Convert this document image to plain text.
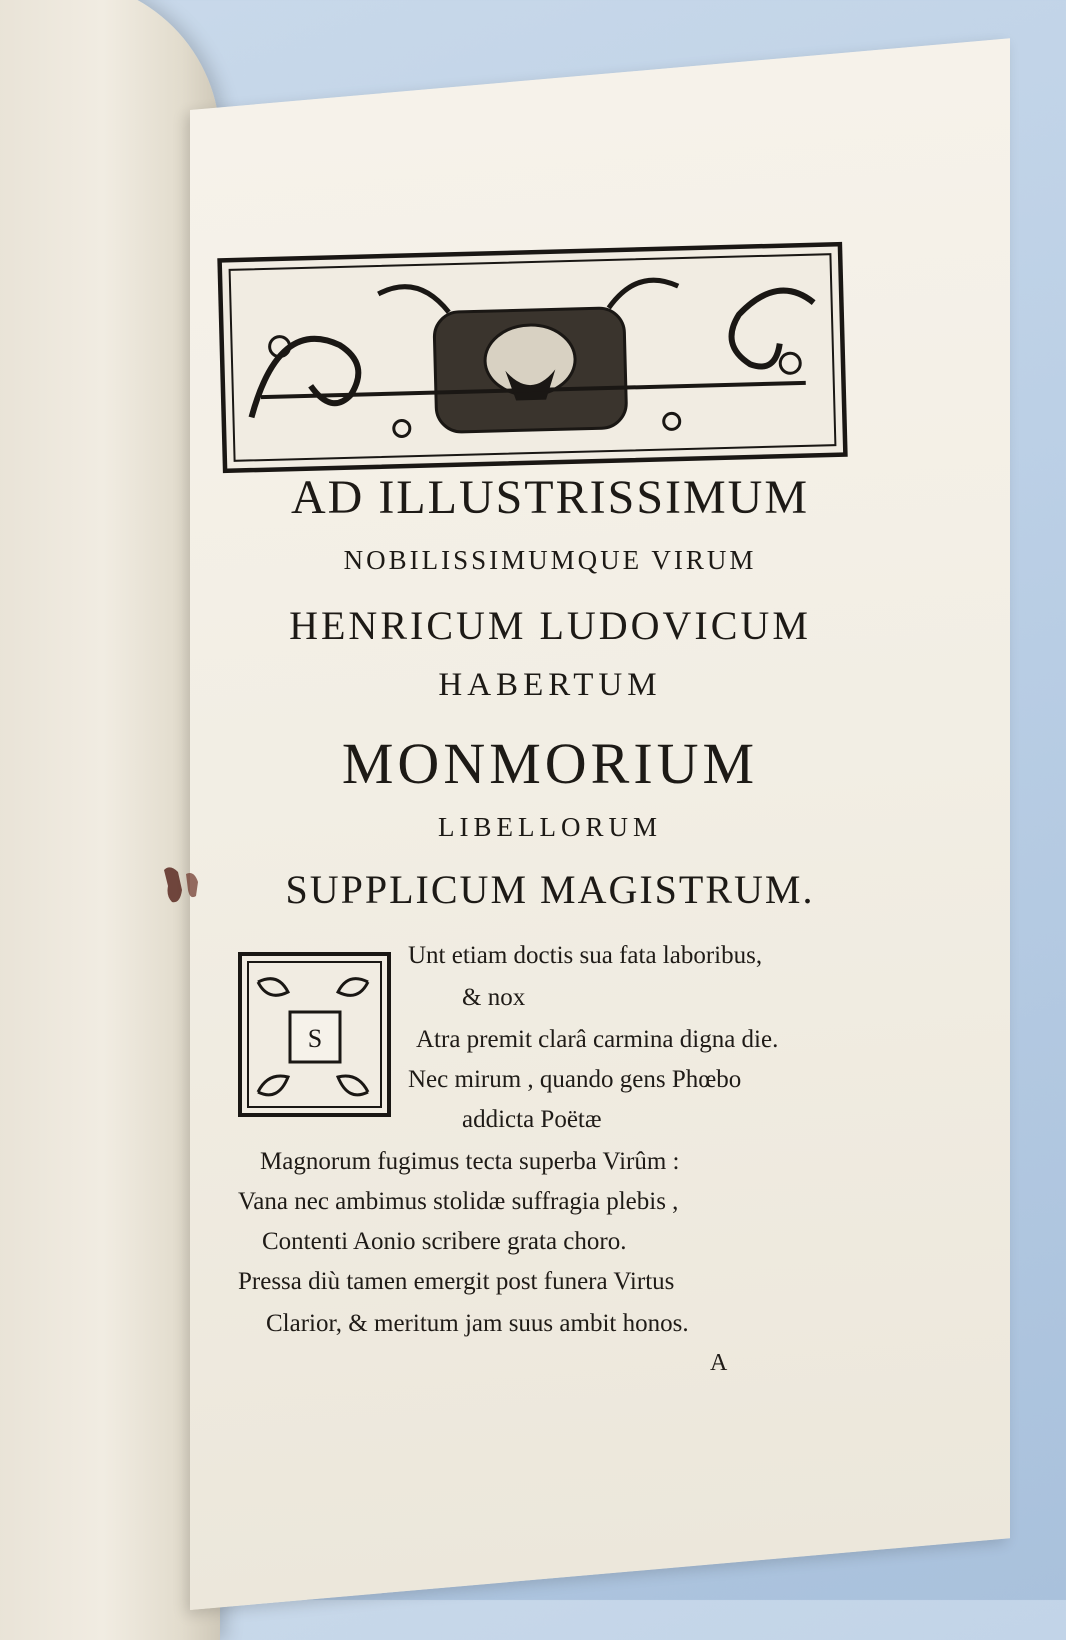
AD ILLUSTRISSIMUM
NOBILISSIMUMQUE VIRUM
HENRICUM LUDOVICUM
HABERTUM
MONMORIUM
LIBELLORUM
SUPPLICUM MAGISTRUM.
S
Unt etiam doctis sua fata laboribus,
& nox
Atra premit clarâ carmina digna die.
Nec mirum , quando gens Phœbo
addicta Poëtæ
Magnorum fugimus tecta superba Virûm :
Vana nec ambimus stolidæ suffragia plebis ,
Contenti Aonio scribere grata choro.
Pressa diù tamen emergit post funera Virtus
Clarior, & meritum jam suus ambit honos.
A
